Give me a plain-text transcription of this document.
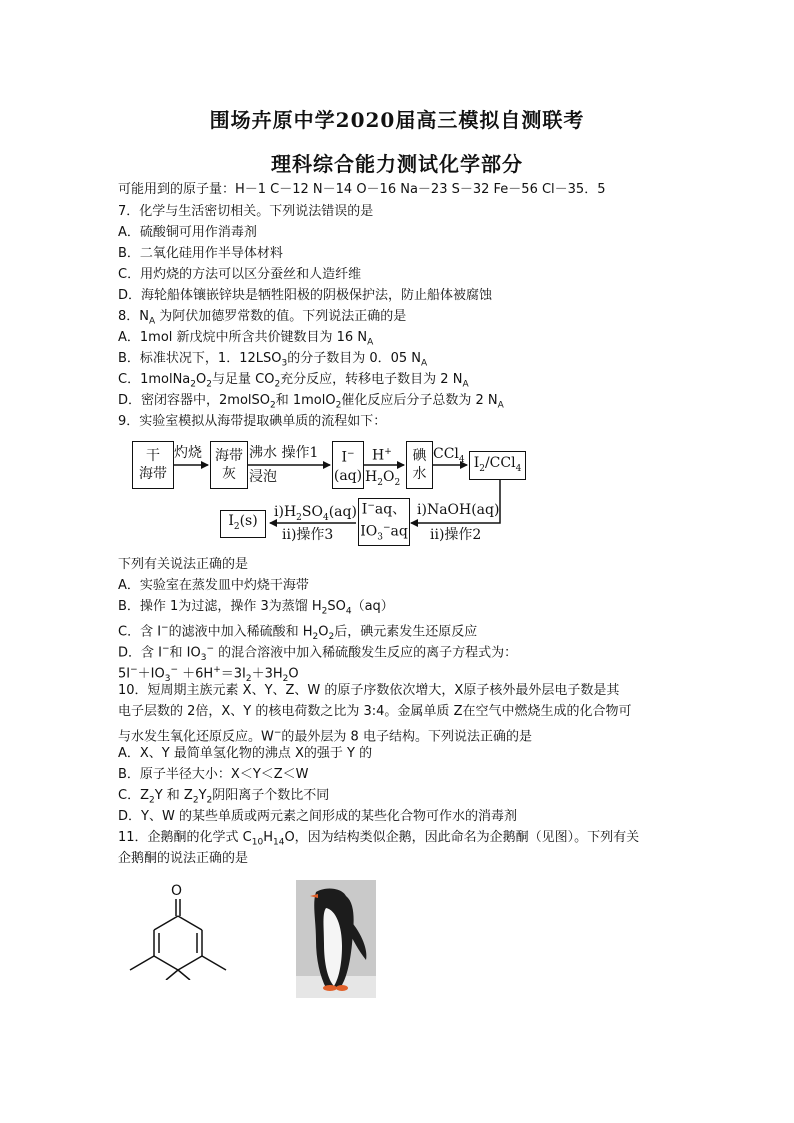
围场卉原中学2020届高三模拟自测联考
理科综合能力测试化学部分
可能用到的原子量：H－1 C－12 N－14 O－16 Na－23 S－32 Fe－56 Cl－35．5
7．化学与生活密切相关。下列说法错误的是
A．硫酸铜可用作消毒剂
B．二氧化硅用作半导体材料
C．用灼烧的方法可以区分蚕丝和人造纤维
D．海轮船体镶嵌锌块是牺牲阳极的阴极保护法，防止船体被腐蚀
8．$N_A$ 为阿伏加德罗常数的值。下列说法正确的是
A．1mol 新戊烷中所含共价键数目为 16 $N_A$
B．标准状况下，1．$12LSO_3$的分子数目为 0．05 $N_A$
C．$1molNa_2O_2$与足量 $CO_2$充分反应，转移电子数目为 2 $N_A$
D．密闭容器中，2molSO$_2$和 1molO$_2$催化反应后分子总数为 2 $N_A$
9．实验室模拟从海带提取碘单质的流程如下：
干
海带
灼烧 海带
灰
沸水 操作1
浸泡
I−
(aq)
H+
$H_2O_2$
碘
水
CCl$_4$ $I_2/CCl_4$
i)NaOH(aq)
ii)操作2
I−aq、
$IO_3^-aq$
$i)H_2SO_4(aq)$
ii)操作3
$I_2(s)$
下列有关说法正确的是
A．实验室在蒸发皿中灼烧干海带
B．操作 1为过滤，操作 3为蒸馏 $H_2SO_4(aq)$
C．含 I−的滤液中加入稀硫酸和 $H_2O_2$后，碘元素发生还原反应
D．含 I−和 $IO_3^-$ 的混合溶液中加入稀硫酸发生反应的离子方程式为：
$5I^-+IO_3^- +6H^+=3I_2+3H_2O$
10．短周期主族元素 X、Y、Z、W 的原子序数依次增大，X原子核外最外层电子数是其
电子层数的 2倍，X、Y 的核电荷数之比为 3:4。金属单质 Z在空气中燃烧生成的化合物可
与水发生氧化还原反应。W−的最外层为 8 电子结构。下列说法正确的是
A．X、Y 最简单氢化物的沸点 X的强于 Y 的
B．原子半径大小：X＜Y＜Z＜W
C．$Z_2Y$ 和 $Z_2Y_2$阴阳离子个数比不同
D．Y、W 的某些单质或两元素之间形成的某些化合物可作水的消毒剂
11．企鹅酮的化学式 $C_{10}H_{14}O$，因为结构类似企鹅，因此命名为企鹅酮（见图）。下列有关
企鹅酮的说法正确的是
O
